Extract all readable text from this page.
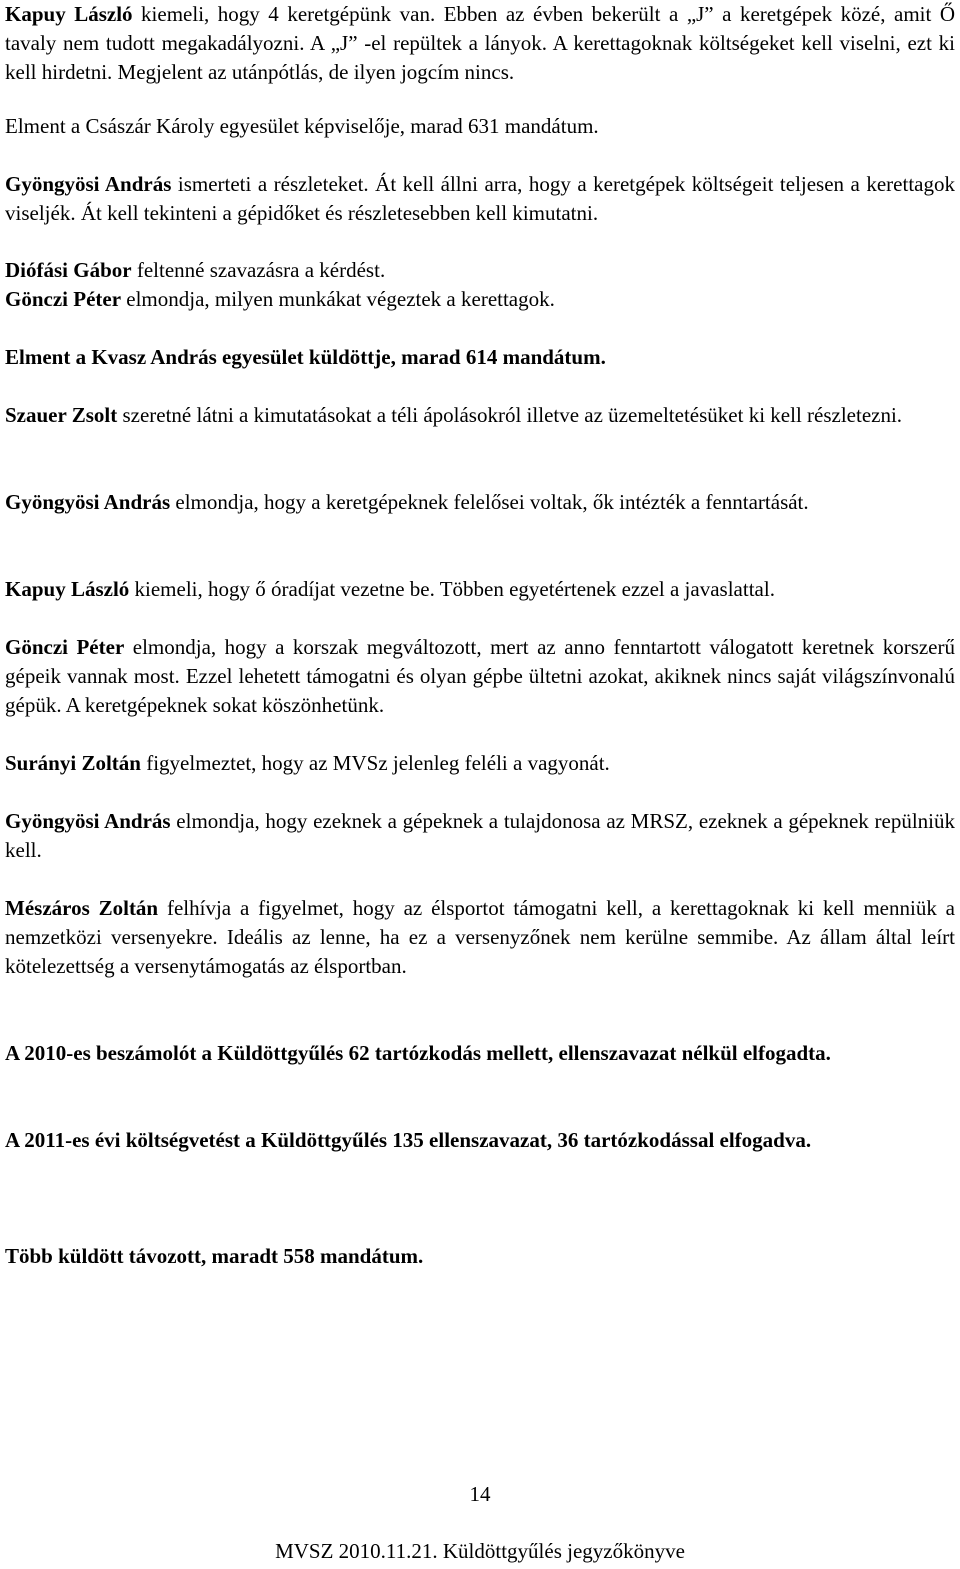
Kapuy László kiemeli, hogy 4 keretgépünk van. Ebben az évben bekerült a „J” a keretgépek közé, amit Ő tavaly nem tudott megakadályozni. A „J” -el repültek a lányok. A kerettagoknak költségeket kell viselni, ezt ki kell hirdetni. Megjelent az utánpótlás, de ilyen jogcím nincs.

Elment a Császár Károly egyesület képviselője, marad 631 mandátum.

Gyöngyösi András ismerteti a részleteket. Át kell állni arra, hogy a keretgépek költségeit teljesen a kerettagok viseljék. Át kell tekinteni a gépidőket és részletesebben kell kimutatni.

Diófási Gábor feltenné szavazásra a kérdést.

Gönczi Péter elmondja, milyen munkákat végeztek a kerettagok.

Elment a Kvasz András egyesület küldöttje, marad 614 mandátum.

Szauer Zsolt szeretné látni a kimutatásokat a téli ápolásokról illetve az üzemeltetésüket ki kell részletezni.

Gyöngyösi András elmondja, hogy a keretgépeknek felelősei voltak, ők intézték a fenntartását.

Kapuy László kiemeli, hogy ő óradíjat vezetne be. Többen egyetértenek ezzel a javaslattal.

Gönczi Péter elmondja, hogy a korszak megváltozott, mert az anno fenntartott válogatott keretnek korszerű gépeik vannak most. Ezzel lehetett támogatni és olyan gépbe ültetni azokat, akiknek nincs saját világszínvonalú gépük. A keretgépeknek sokat köszönhetünk.

Surányi Zoltán figyelmeztet, hogy az MVSz jelenleg feléli a vagyonát.

Gyöngyösi András elmondja, hogy ezeknek a gépeknek a tulajdonosa az MRSZ, ezeknek a gépeknek repülniük kell.

Mészáros Zoltán felhívja a figyelmet, hogy az élsportot támogatni kell, a kerettagoknak ki kell menniük a nemzetközi versenyekre. Ideális az lenne, ha ez a versenyzőnek nem kerülne semmibe. Az állam által leírt kötelezettség a versenytámogatás az élsportban.

A 2010-es beszámolót a Küldöttgyűlés 62 tartózkodás mellett, ellenszavazat nélkül elfogadta.

A 2011-es évi költségvetést a Küldöttgyűlés 135 ellenszavazat, 36 tartózkodással elfogadva.

Több küldött távozott, maradt 558 mandátum.

14
MVSZ 2010.11.21. Küldöttgyűlés jegyzőkönyve
